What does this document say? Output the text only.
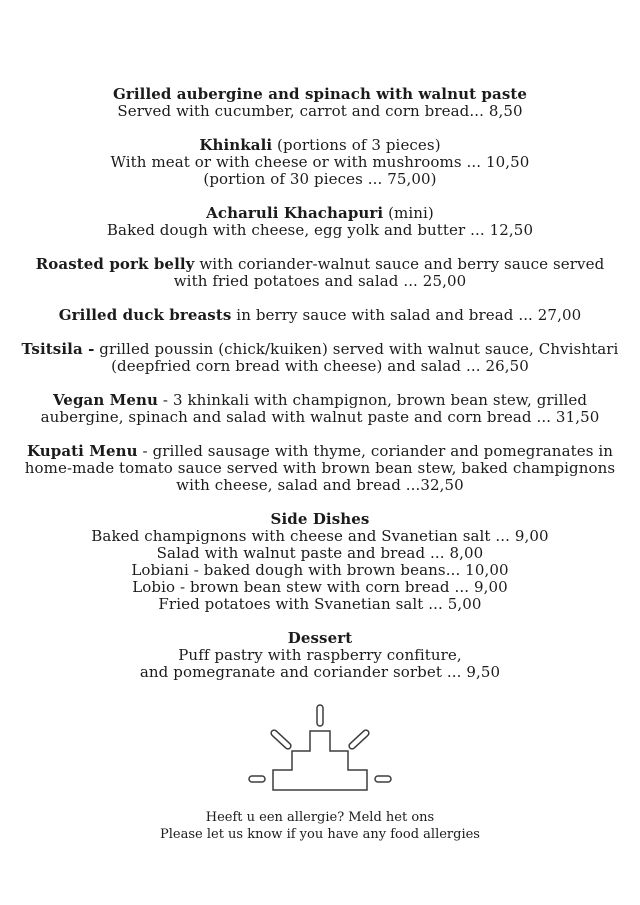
Grilled aubergine and spinach with walnut paste
Served with cucumber, carrot and corn bread... 8,50
Khinkali (portions of 3 pieces)
With meat or with cheese or with mushrooms ... 10,50
(portion of 30 pieces ... 75,00)
Acharuli Khachapuri (mini)
Baked dough with cheese, egg yolk and butter ... 12,50
Roasted pork belly with coriander-walnut sauce and berry sauce served
with fried potatoes and salad ... 25,00
Grilled duck breasts in berry sauce with salad and bread ... 27,00
Tsitsila - grilled poussin (chick/kuiken) served with walnut sauce, Chvishtari
(deepfried corn bread with cheese) and salad ... 26,50
Vegan Menu - 3 khinkali with champignon, brown bean stew, grilled
aubergine, spinach and salad with walnut paste and corn bread ... 31,50
Kupati Menu - grilled sausage with thyme, coriander and pomegranates in
home-made tomato sauce served with brown bean stew, baked champignons
with cheese, salad and bread ...32,50
Side Dishes
Baked champignons with cheese and Svanetian salt ... 9,00
Salad with walnut paste and bread ... 8,00
Lobiani - baked dough with brown beans... 10,00
Lobio - brown bean stew with corn bread ... 9,00
Fried potatoes with Svanetian salt ... 5,00
Dessert
Puff pastry with raspberry confiture,
and pomegranate and coriander sorbet ... 9,50
Heeft u een allergie? Meld het ons
Please let us know if you have any food allergies
